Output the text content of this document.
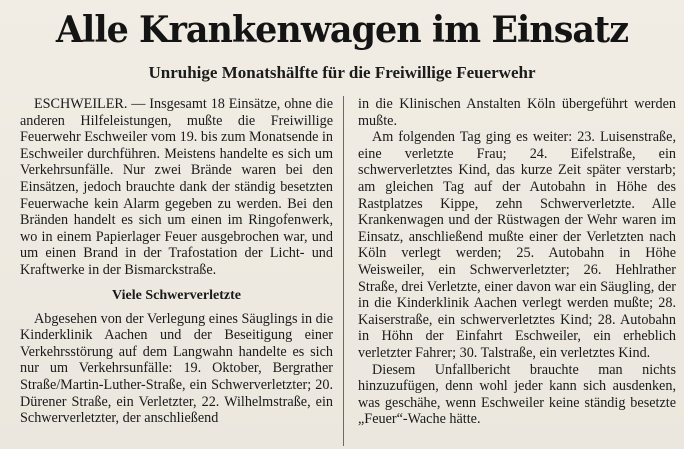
Alle Krankenwagen im Einsatz
Unruhige Monatshälfte für die Freiwillige Feuerwehr

ESCHWEILER. — Insgesamt 18 Einsätze, ohne die anderen Hilfeleistungen, mußte die Freiwillige Feuerwehr Eschweiler vom 19. bis zum Monatsende in Eschweiler durchführen. Meistens handelte es sich um Verkehrsunfälle. Nur zwei Brände waren bei den Einsätzen, jedoch brauchte dank der ständig besetzten Feuerwache kein Alarm gegeben zu werden. Bei den Bränden handelt es sich um einen im Ringofenwerk, wo in einem Papierlager Feuer ausgebrochen war, und um einen Brand in der Trafostation der Licht- und Kraftwerke in der Bismarckstraße.

Viele Schwerverletzte

Abgesehen von der Verlegung eines Säuglings in die Kinderklinik Aachen und der Beseitigung einer Verkehrsstörung auf dem Langwahn handelte es sich nur um Verkehrsunfälle: 19. Oktober, Bergrather Straße/Martin-Luther-Straße, ein Schwerverletzter; 20. Dürener Straße, ein Verletzter, 22. Wilhelmstraße, ein Schwerverletzter, der anschließend

in die Klinischen Anstalten Köln übergeführt werden mußte.

Am folgenden Tag ging es weiter: 23. Luisenstraße, eine verletzte Frau; 24. Eifelstraße, ein schwerverletztes Kind, das kurze Zeit später verstarb; am gleichen Tag auf der Autobahn in Höhe des Rastplatzes Kippe, zehn Schwerverletzte. Alle Krankenwagen und der Rüstwagen der Wehr waren im Einsatz, anschließend mußte einer der Verletzten nach Köln verlegt werden; 25. Autobahn in Höhe Weisweiler, ein Schwerverletzter; 26. Hehlrather Straße, drei Verletzte, einer davon war ein Säugling, der in die Kinderklinik Aachen verlegt werden mußte; 28. Kaiserstraße, ein schwerverletztes Kind; 28. Autobahn in Höhn der Einfahrt Eschweiler, ein erheblich verletzter Fahrer; 30. Talstraße, ein verletztes Kind.

Diesem Unfallbericht brauchte man nichts hinzuzufügen, denn wohl jeder kann sich ausdenken, was geschähe, wenn Eschweiler keine ständig besetzte „Feuer“-Wache hätte.
